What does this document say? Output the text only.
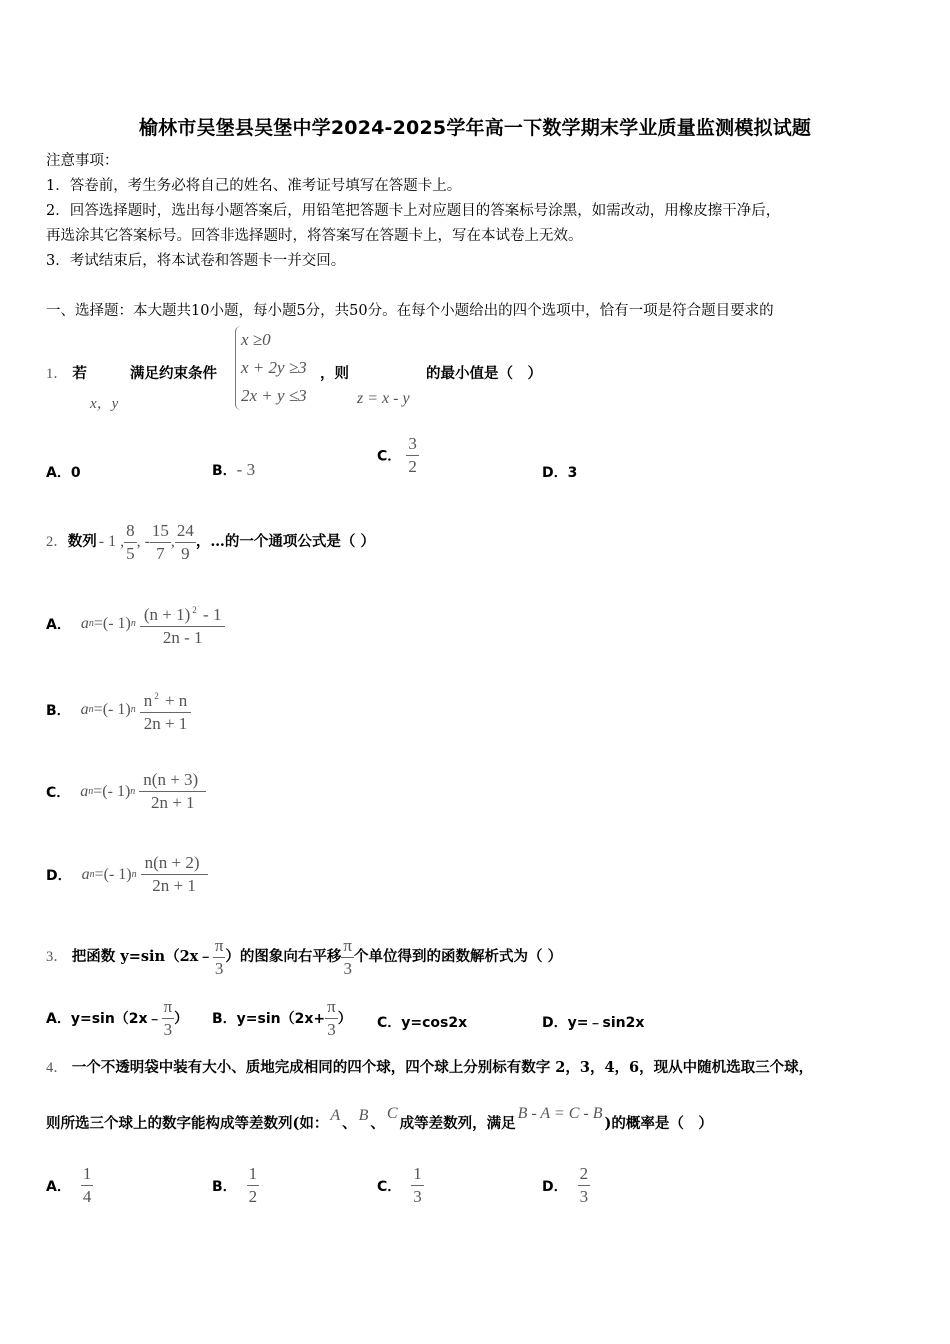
榆林市吴堡县吴堡中学2024-2025学年高一下数学期末学业质量监测模拟试题
注意事项：
1．答卷前，考生务必将自己的姓名、准考证号填写在答题卡上。
2．回答选择题时，选出每小题答案后，用铅笔把答题卡上对应题目的答案标号涂黑，如需改动，用橡皮擦干净后，
再选涂其它答案标号。回答非选择题时，将答案写在答题卡上，写在本试卷上无效。
3．考试结束后，将本试卷和答题卡一并交回。
一、选择题：本大题共10小题，每小题5分，共50分。在每个小题给出的四个选项中，恰有一项是符合题目要求的
1． 若
x，y
满足约束条件
x ≥0
x + 2y ≥3
2x + y ≤3
，则
z = x - y
的最小值是（　）
A．0	B．- 3
C． $\frac{3}{2}$	D．3
2． 数列 - 1 , $\frac{8}{5}$ , - $\frac{15}{7}$ , $\frac{24}{9}$ ，…的一个通项公式是（ ）
A． a n =(- 1) n $\frac{(n + 1) ^2 - 1}{2n - 1}$
B． a n =(- 1) n $\frac{n ^2 + n}{2n + 1}$
C． a n =(- 1) n $\frac{n(n + 3)}{2n + 1}$
D． a n =(- 1) n $\frac{n(n + 2)}{2n + 1}$
3． 把函数 y=sin（2x﹣ $\frac{\pi}{3}$ ）的图象向右平移 $\frac{\pi}{3}$ 个单位得到的函数解析式为（ ）
A． y=sin（2x﹣ $\frac{\pi}{3}$ ） B． $y=\sin(2x+ \frac{\pi}{3}$ ） C．y=cos2x	D．y=﹣sin2x
4． 一个不透明袋中装有大小、质地完成相同的四个球，四个球上分别标有数字 2，3，4，6，现从中随机选取三个球，
则所选三个球上的数字能构成等差数列(如： A 、 B 、
C
成等差数列，满足
B - A = C - B
)的概率是（　）
A． $\frac{1}{4}$	B． $\frac{1}{2}$	C． $\frac{1}{3}$	D． $\frac{2}{3}$
